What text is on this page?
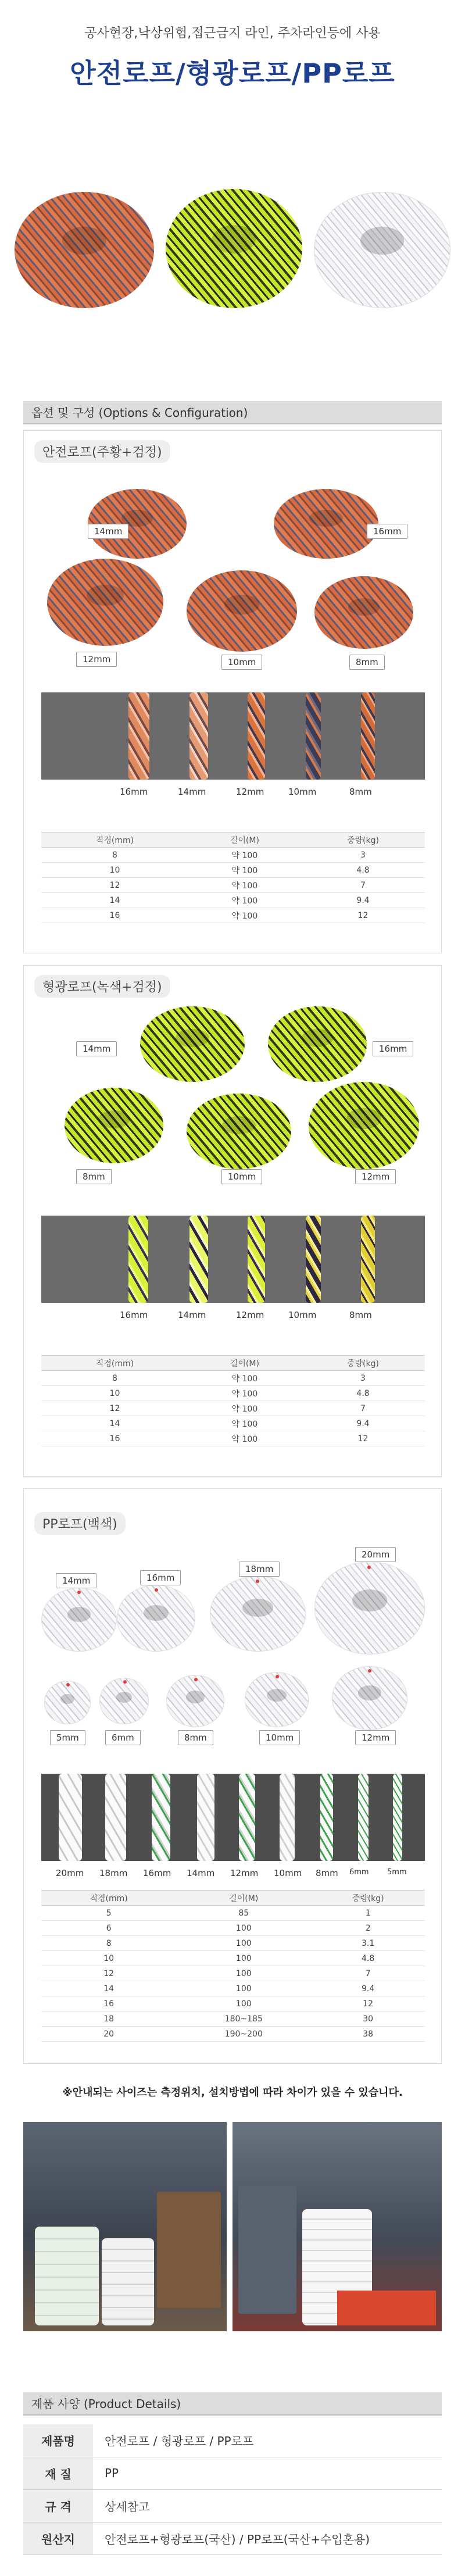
공사현장,낙상위험,접근금지 라인, 주차라인등에 사용
안전로프/형광로프/PP로프
옵션 및 구성 (Options & Configuration)
안전로프(주황+검정)
14mm	16mm
12mm	10mm	8mm
16mm	14mm	12mm	10mm	8mm
직경(mm)	길이(M)	중량(kg)
8	약 100	3
10	약 100	4.8
12	약 100	7
14	약 100	9.4
16	약 100	12
형광로프(녹색+검정)
14mm	16mm
8mm	10mm	12mm
16mm	14mm	12mm	10mm	8mm
직경(mm)	길이(M)	중량(kg)
8	약 100	3
10	약 100	4.8
12	약 100	7
14	약 100	9.4
16	약 100	12
PP로프(백색)
14mm	16mm
18mm
20mm
5mm	6mm	8mm	10mm	12mm
20mm 18mm 16mm 14mm 12mm 10mm 8mm 6mm 5mm
직경(mm)	길이(M)	중량(kg)
5	85	1
6	100	2
8	100	3.1
10	100	4.8
12	100	7
14	100	9.4
16	100	12
18	180~185	30
20	190~200	38
※안내되는 사이즈는 측정위치, 설치방법에 따라 차이가 있을 수 있습니다.
제품 사양 (Product Details)
제품명	안전로프 / 형광로프 / PP로프
재 질	PP
규 격	상세참고
원산지	안전로프+형광로프(국산) / PP로프(국산+수입혼용)
